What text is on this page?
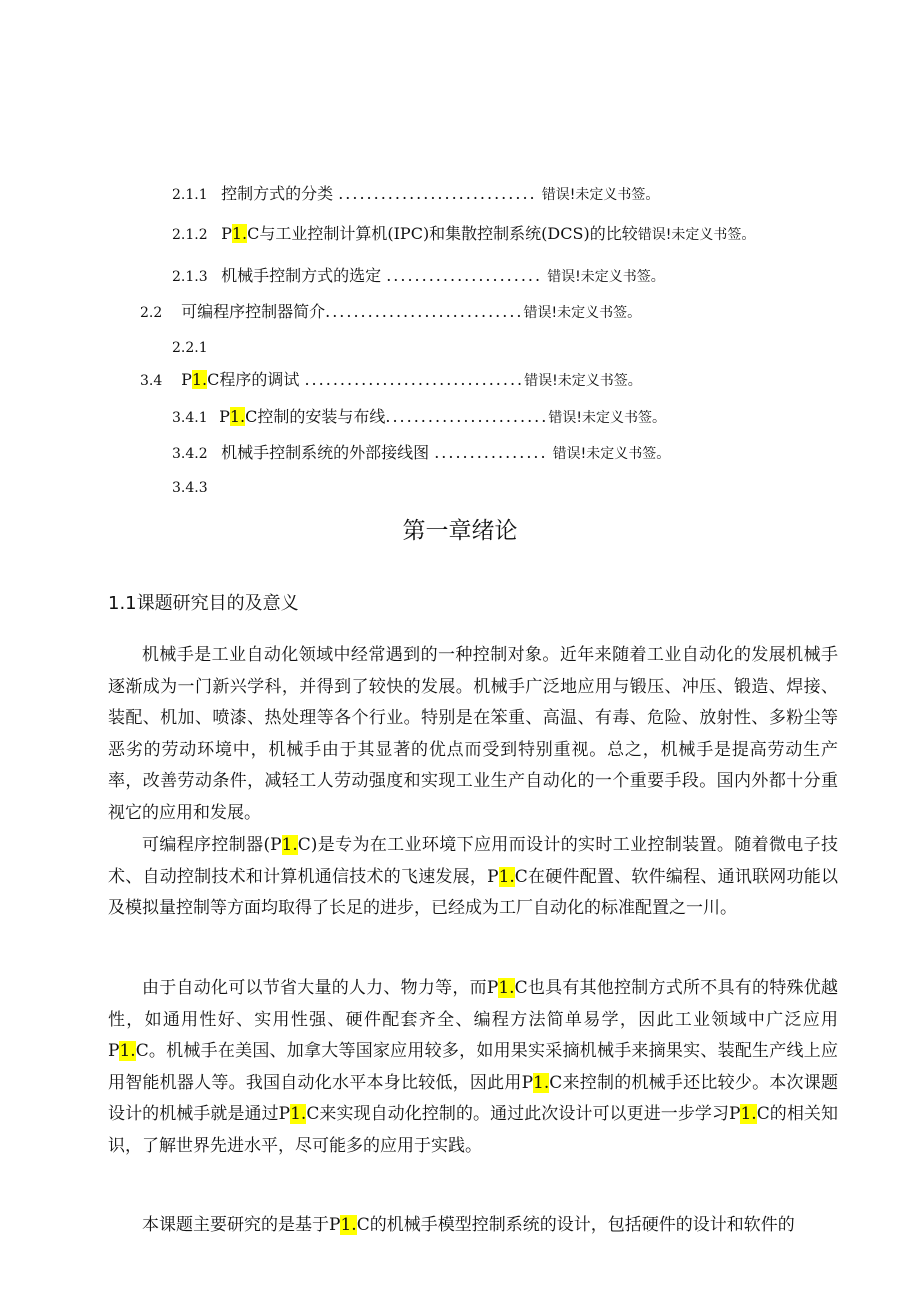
2.1.1 控制方式的分类 ............................ 错误!未定义书签。
2.1.2 P1.C与工业控制计算机(IPC)和集散控制系统(DCS)的比较错误!未定义书签。
2.1.3 机械手控制方式的选定 ...................... 错误!未定义书签。
2.2 可编程序控制器简介............................错误!未定义书签。
2.2.1
3.4 P1.C程序的调试 ...............................错误!未定义书签。
3.4.1 P1.C控制的安装与布线.......................错误!未定义书签。
3.4.2 机械手控制系统的外部接线图 ................ 错误!未定义书签。
3.4.3
第一章绪论
1.1课题研究目的及意义

机械手是工业自动化领域中经常遇到的一种控制对象。近年来随着工业自动化的发展机械手逐渐成为一门新兴学科，并得到了较快的发展。机械手广泛地应用与锻压、冲压、锻造、焊接、装配、机加、喷漆、热处理等各个行业。特别是在笨重、高温、有毒、危险、放射性、多粉尘等恶劣的劳动环境中，机械手由于其显著的优点而受到特别重视。总之，机械手是提高劳动生产率，改善劳动条件，减轻工人劳动强度和实现工业生产自动化的一个重要手段。国内外都十分重视它的应用和发展。

可编程序控制器(P1.C)是专为在工业环境下应用而设计的实时工业控制装置。随着微电子技术、自动控制技术和计算机通信技术的飞速发展，P1.C在硬件配置、软件编程、通讯联网功能以及模拟量控制等方面均取得了长足的进步，已经成为工厂自动化的标准配置之一川。

由于自动化可以节省大量的人力、物力等，而P1.C也具有其他控制方式所不具有的特殊优越性，如通用性好、实用性强、硬件配套齐全、编程方法简单易学，因此工业领域中广泛应用P1.C。机械手在美国、加拿大等国家应用较多，如用果实采摘机械手来摘果实、装配生产线上应用智能机器人等。我国自动化水平本身比较低，因此用P1.C来控制的机械手还比较少。本次课题设计的机械手就是通过P1.C来实现自动化控制的。通过此次设计可以更进一步学习P1.C的相关知识，了解世界先进水平，尽可能多的应用于实践。

本课题主要研究的是基于P1.C的机械手模型控制系统的设计，包括硬件的设计和软件的
